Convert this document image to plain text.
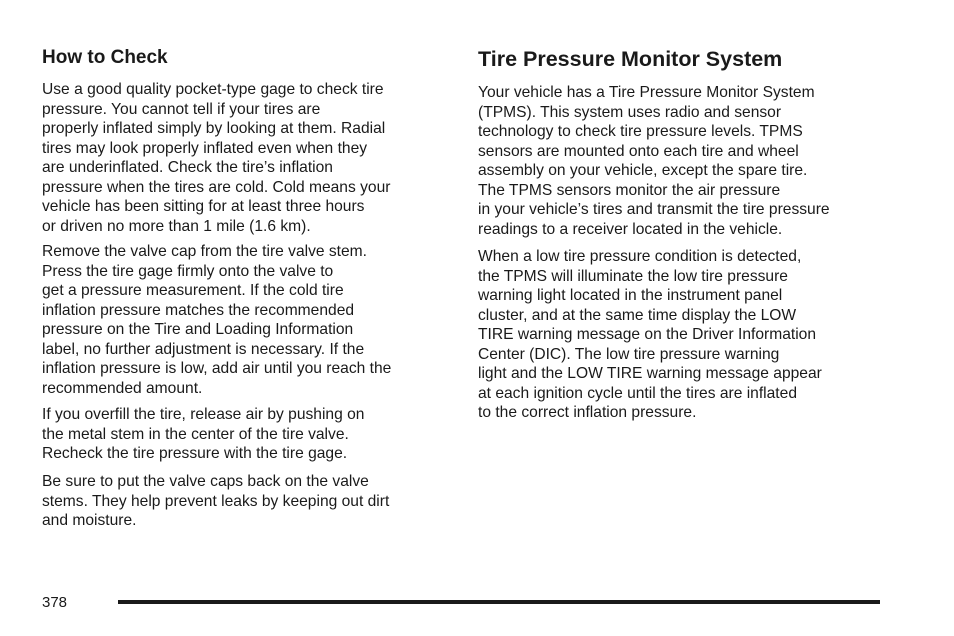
How to Check

Use a good quality pocket-type gage to check tire
pressure. You cannot tell if your tires are
properly inflated simply by looking at them. Radial
tires may look properly inflated even when they
are underinflated. Check the tire’s inflation
pressure when the tires are cold. Cold means your
vehicle has been sitting for at least three hours
or driven no more than 1 mile (1.6 km).

Remove the valve cap from the tire valve stem.
Press the tire gage firmly onto the valve to
get a pressure measurement. If the cold tire
inflation pressure matches the recommended
pressure on the Tire and Loading Information
label, no further adjustment is necessary. If the
inflation pressure is low, add air until you reach the
recommended amount.

If you overfill the tire, release air by pushing on
the metal stem in the center of the tire valve.
Recheck the tire pressure with the tire gage.

Be sure to put the valve caps back on the valve
stems. They help prevent leaks by keeping out dirt
and moisture.

Tire Pressure Monitor System

Your vehicle has a Tire Pressure Monitor System
(TPMS). This system uses radio and sensor
technology to check tire pressure levels. TPMS
sensors are mounted onto each tire and wheel
assembly on your vehicle, except the spare tire.
The TPMS sensors monitor the air pressure
in your vehicle’s tires and transmit the tire pressure
readings to a receiver located in the vehicle.

When a low tire pressure condition is detected,
the TPMS will illuminate the low tire pressure
warning light located in the instrument panel
cluster, and at the same time display the LOW
TIRE warning message on the Driver Information
Center (DIC). The low tire pressure warning
light and the LOW TIRE warning message appear
at each ignition cycle until the tires are inflated
to the correct inflation pressure.

378
